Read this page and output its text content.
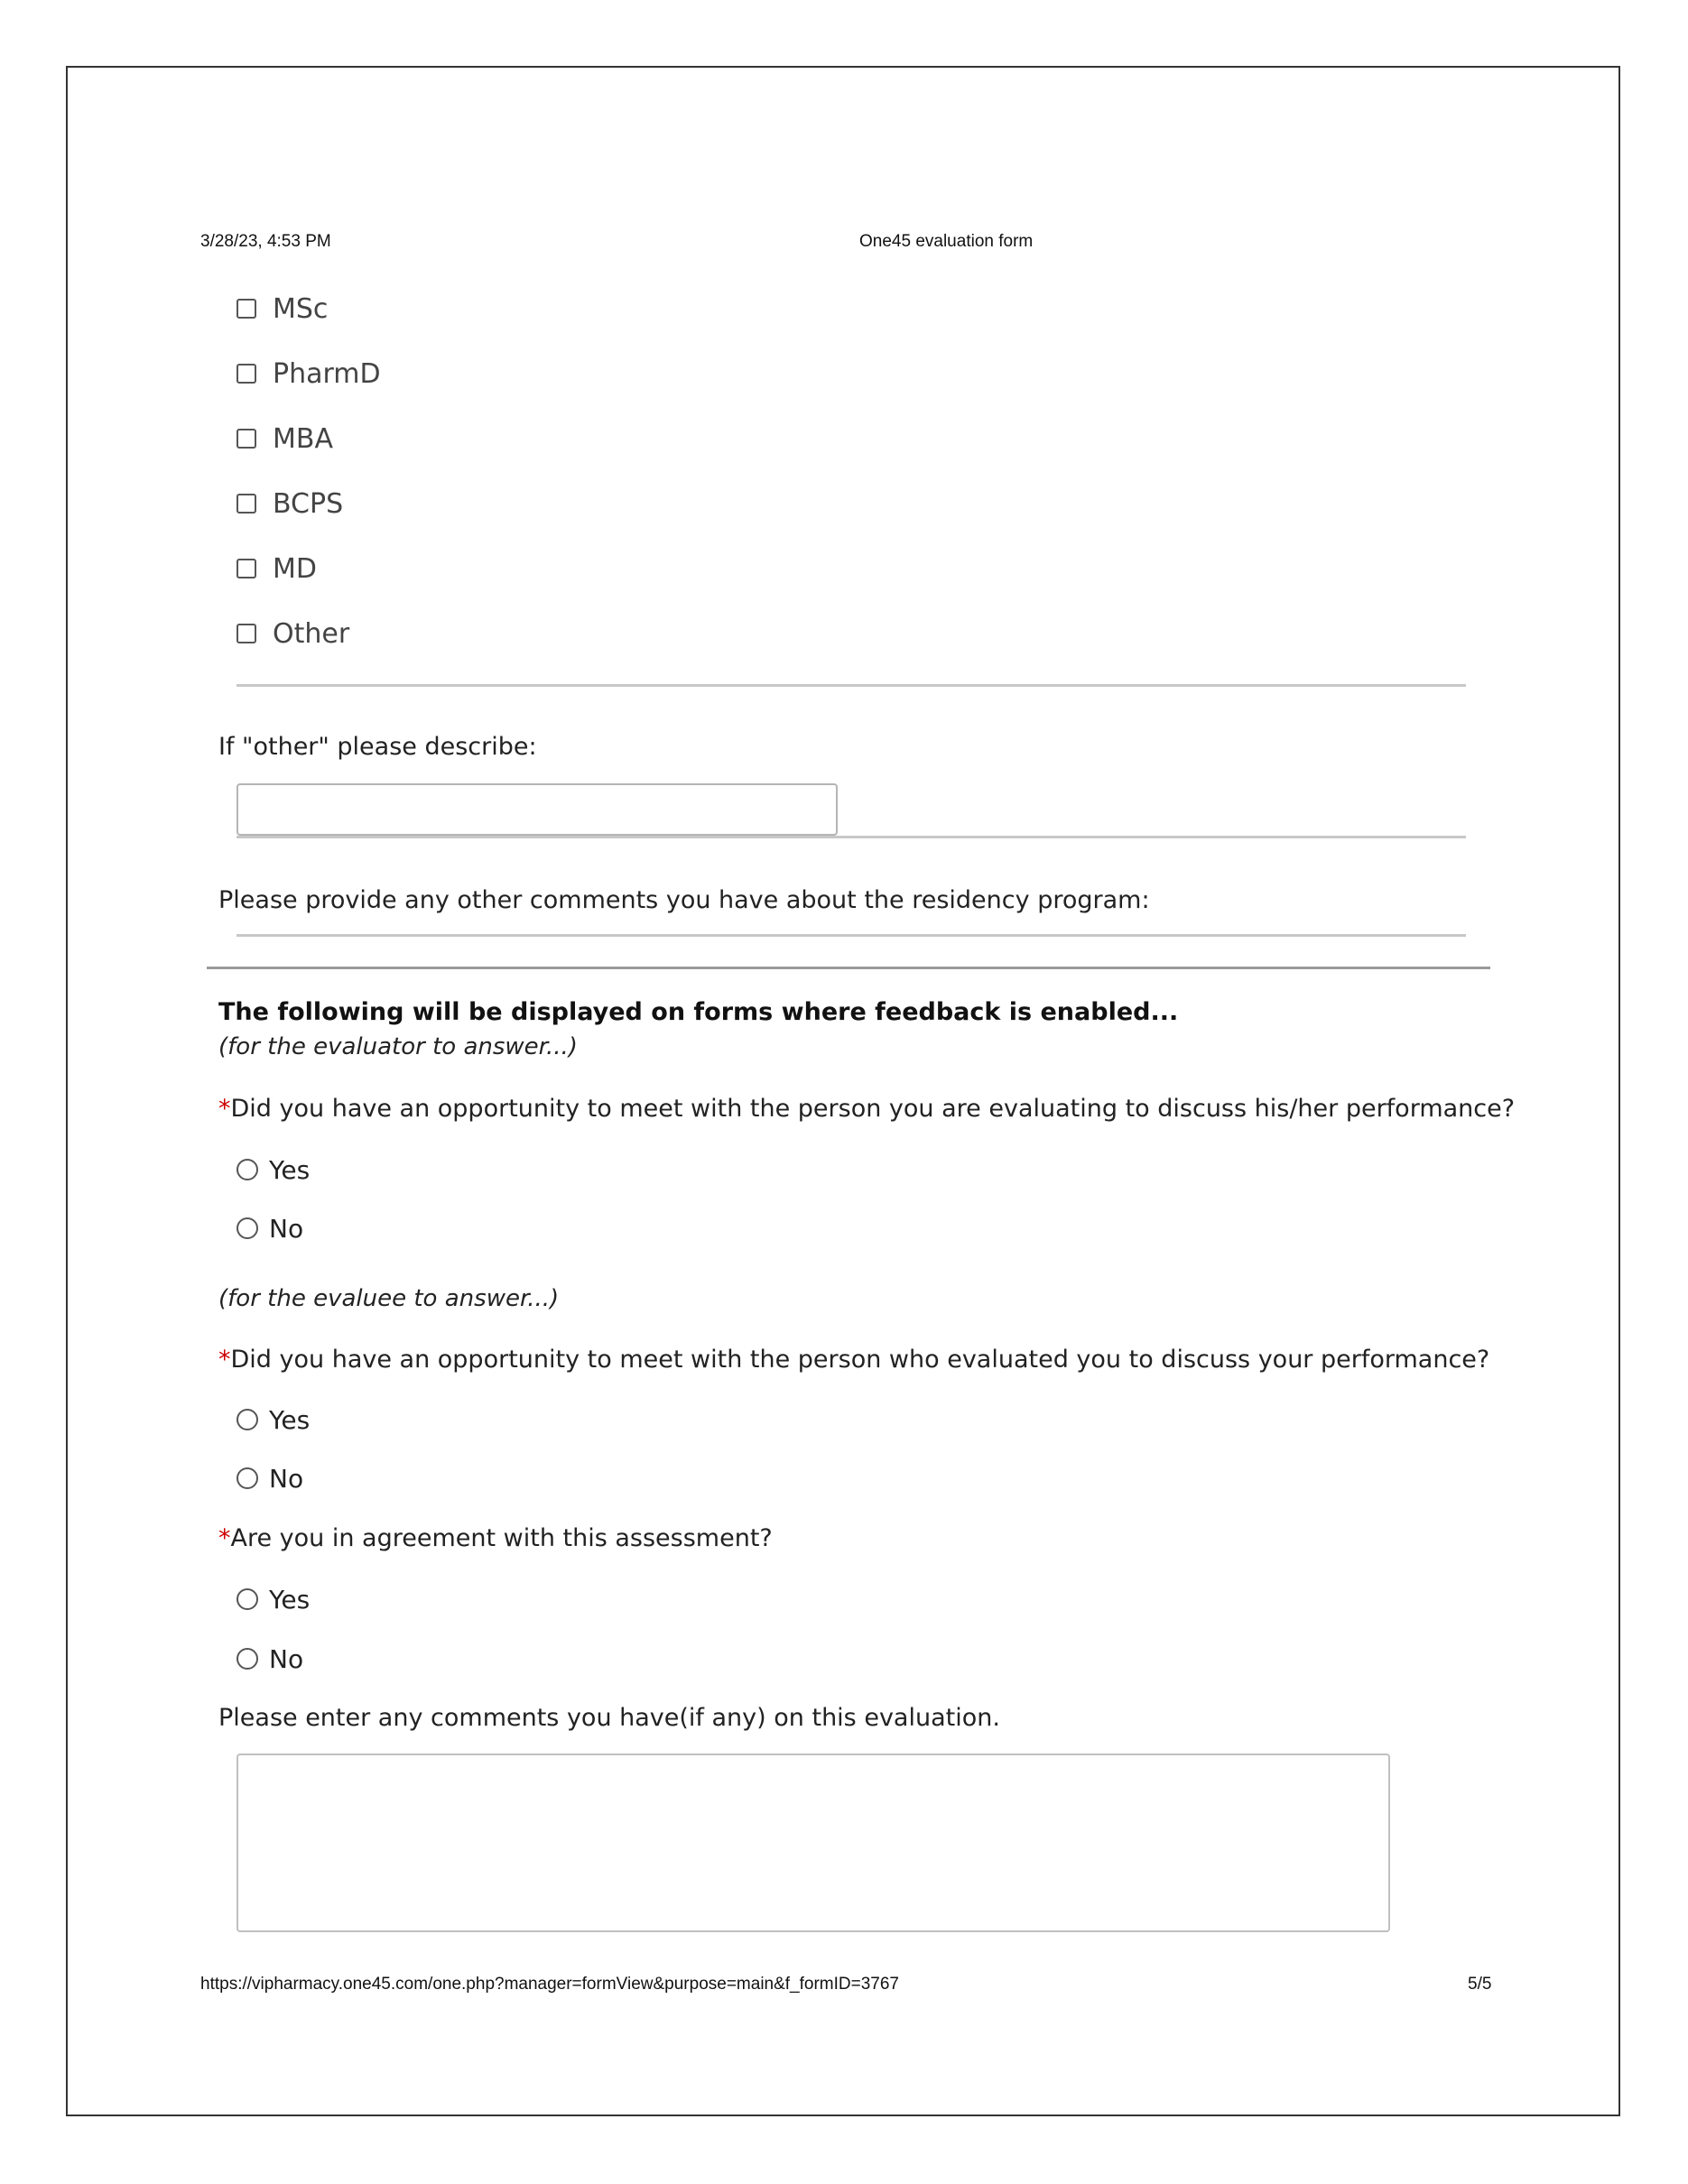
3/28/23, 4:53 PM	One45 evaluation form
MSc
PharmD
MBA
BCPS
MD
Other
If "other" please describe:
Please provide any other comments you have about the residency program:
The following will be displayed on forms where feedback is enabled...
(for the evaluator to answer...)
*Did you have an opportunity to meet with the person you are evaluating to discuss his/her performance?
Yes
No
(for the evaluee to answer...)
*Did you have an opportunity to meet with the person who evaluated you to discuss your performance?
Yes
No
*Are you in agreement with this assessment?
Yes
No
Please enter any comments you have(if any) on this evaluation.
https://vipharmacy.one45.com/one.php?manager=formView&purpose=main&f_formID=3767	5/5
